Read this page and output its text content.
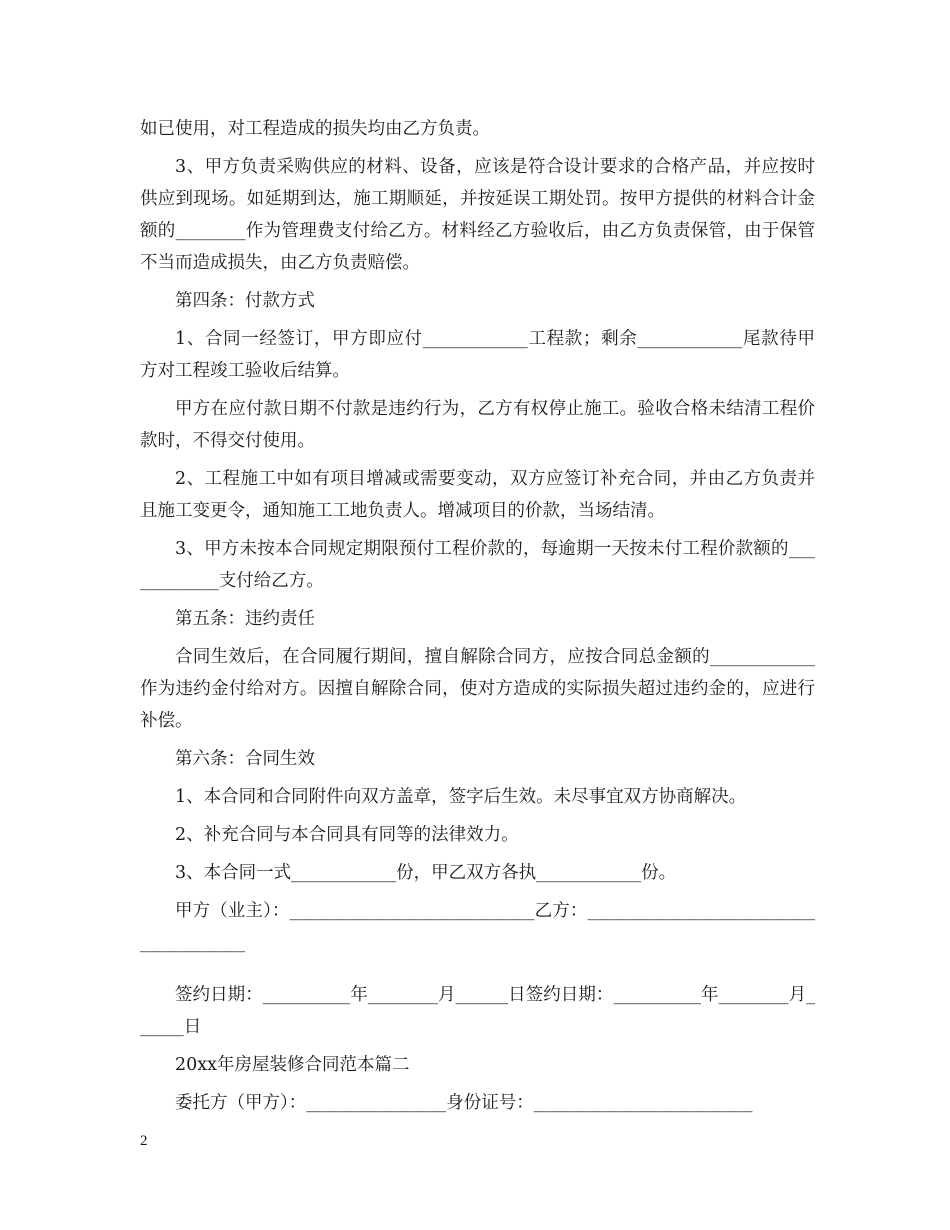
如已使用，对工程造成的损失均由乙方负责。

3、甲方负责采购供应的材料、设备，应该是符合设计要求的合格产品，并应按时供应到现场。如延期到达，施工期顺延，并按延误工期处罚。按甲方提供的材料合计金额的________作为管理费支付给乙方。材料经乙方验收后，由乙方负责保管，由于保管不当而造成损失，由乙方负责赔偿。

第四条：付款方式

1、合同一经签订，甲方即应付____________工程款；剩余____________尾款待甲方对工程竣工验收后结算。

甲方在应付款日期不付款是违约行为，乙方有权停止施工。验收合格未结清工程价款时，不得交付使用。

2、工程施工中如有项目增减或需要变动，双方应签订补充合同，并由乙方负责并且施工变更令，通知施工工地负责人。增减项目的价款，当场结清。

3、甲方未按本合同规定期限预付工程价款的，每逾期一天按未付工程价款额的____________支付给乙方。

第五条：违约责任

合同生效后，在合同履行期间，擅自解除合同方，应按合同总金额的____________作为违约金付给对方。因擅自解除合同，使对方造成的实际损失超过违约金的，应进行补偿。

第六条：合同生效

1、本合同和合同附件向双方盖章，签字后生效。未尽事宜双方协商解决。

2、补充合同与本合同具有同等的法律效力。

3、本合同一式____________份，甲乙双方各执____________份。

甲方（业主）：____________________________乙方：______________________________________

签约日期：__________年________月______日签约日期：__________年________月______日

20xx年房屋装修合同范本篇二

委托方（甲方）：________________身份证号：_________________________

2
